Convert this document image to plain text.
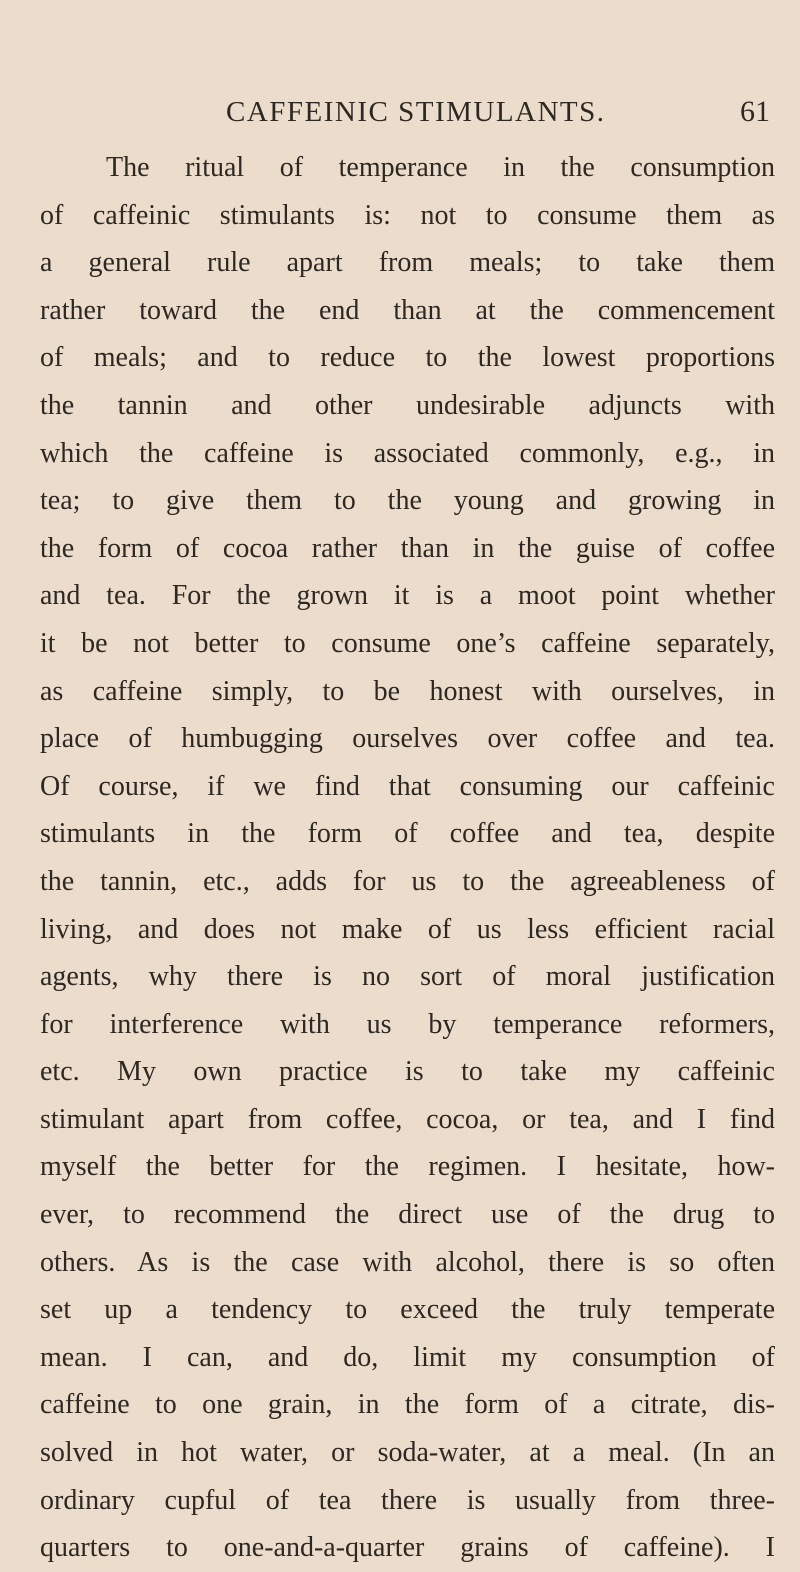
CAFFEINIC STIMULANTS.	61
The ritual of temperance in the consumption
of caffeinic stimulants is: not to consume them as
a general rule apart from meals; to take them
rather toward the end than at the commencement
of meals; and to reduce to the lowest proportions
the tannin and other undesirable adjuncts with
which the caffeine is associated commonly, e.g., in
tea; to give them to the young and growing in
the form of cocoa rather than in the guise of coffee
and tea. For the grown it is a moot point whether
it be not better to consume one’s caffeine separately,
as caffeine simply, to be honest with ourselves, in
place of humbugging ourselves over coffee and tea.
Of course, if we find that consuming our caffeinic
stimulants in the form of coffee and tea, despite
the tannin, etc., adds for us to the agreeableness of
living, and does not make of us less efficient racial
agents, why there is no sort of moral justification
for interference with us by temperance reformers,
etc. My own practice is to take my caffeinic
stimulant apart from coffee, cocoa, or tea, and I find
myself the better for the regimen. I hesitate, how-
ever, to recommend the direct use of the drug to
others. As is the case with alcohol, there is so often
set up a tendency to exceed the truly temperate
mean. I can, and do, limit my consumption of
caffeine to one grain, in the form of a citrate, dis-
solved in hot water, or soda-water, at a meal. (In an
ordinary cupful of tea there is usually from three-
quarters to one-and-a-quarter grains of caffeine). I
